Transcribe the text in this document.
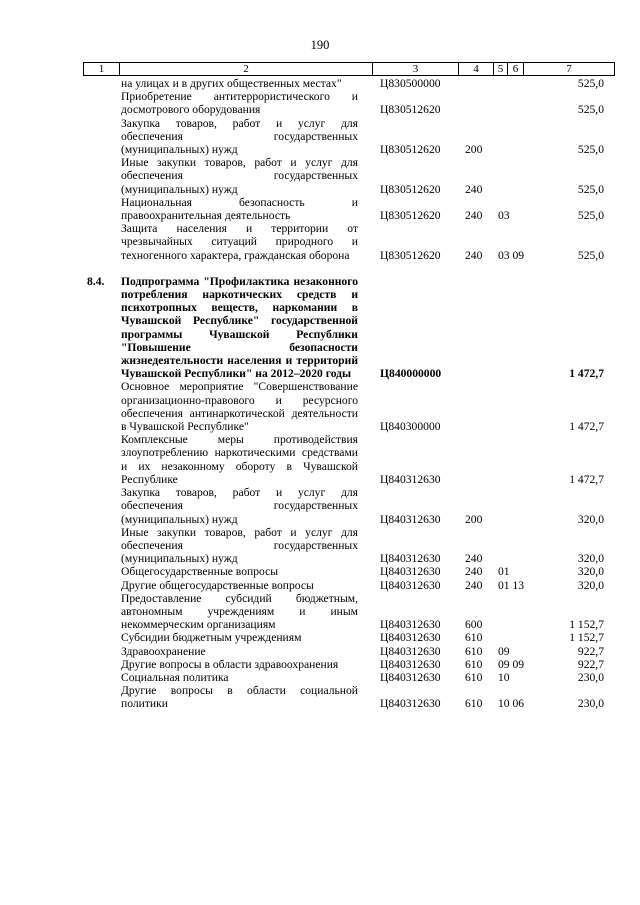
190
1	2	3	4	5 6	7
на улицах и в других общественных местах"	Ц830500000	525,0
Приобретение антитеррористического и досмотрового оборудования	Ц830512620	525,0
Закупка товаров, работ и услуг для обеспечения государственных (муниципальных) нужд	Ц830512620	200	525,0
Иные закупки товаров, работ и услуг для обеспечения государственных (муниципальных) нужд	Ц830512620	240	525,0
Национальная безопасность и правоохранительная деятельность	Ц830512620	240	03	525,0
Защита населения и территории от чрезвычайных ситуаций природного и техногенного характера, гражданская оборона	Ц830512620	240	03 09	525,0
8.4.	Подпрограмма "Профилактика незаконного потребления наркотических средств и психотропных веществ, наркомании в Чувашской Республике" государственной программы Чувашской Республики "Повышение безопасности жизнедеятельности населения и территорий Чувашской Республики" на 2012–2020 годы	Ц840000000	1 472,7
Основное мероприятие "Совершенствование организационно-правового и ресурсного обеспечения антинаркотической деятельности в Чувашской Республике"	Ц840300000	1 472,7
Комплексные меры противодействия злоупотреблению наркотическими средствами и их незаконному обороту в Чувашской Республике	Ц840312630	1 472,7
Закупка товаров, работ и услуг для обеспечения государственных (муниципальных) нужд	Ц840312630	200	320,0
Иные закупки товаров, работ и услуг для обеспечения государственных (муниципальных) нужд	Ц840312630	240	320,0
Общегосударственные вопросы	Ц840312630	240	01	320,0
Другие общегосударственные вопросы	Ц840312630	240	01 13	320,0
Предоставление субсидий бюджетным, автономным учреждениям и иным некоммерческим организациям	Ц840312630	600	1 152,7
Субсидии бюджетным учреждениям	Ц840312630	610	1 152,7
Здравоохранение	Ц840312630	610	09	922,7
Другие вопросы в области здравоохранения	Ц840312630	610	09 09	922,7
Социальная политика	Ц840312630	610	10	230,0
Другие вопросы в области социальной политики	Ц840312630	610	10 06	230,0
